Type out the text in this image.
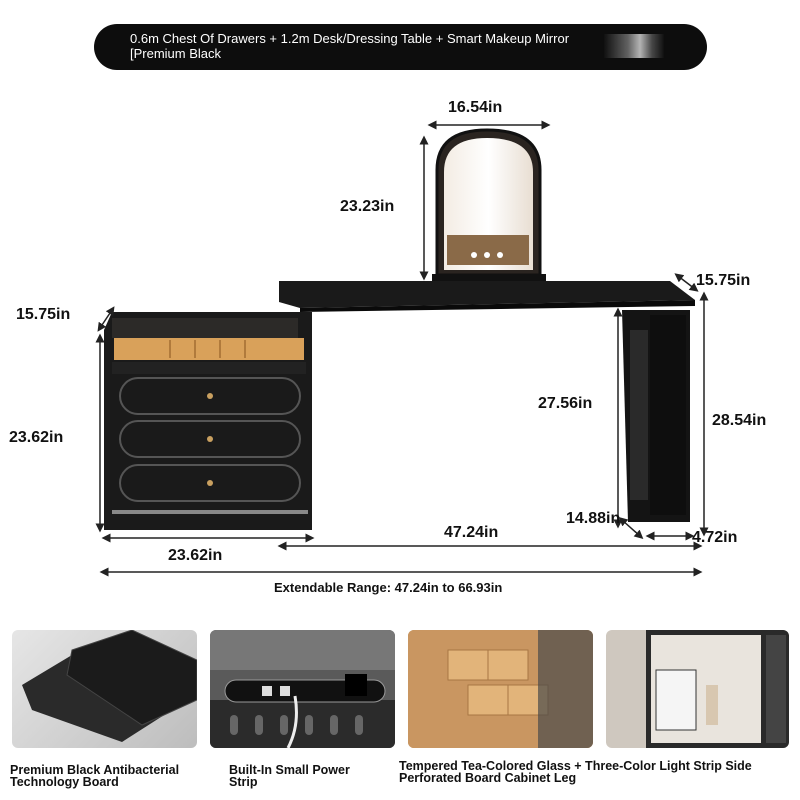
0.6m Chest Of Drawers + 1.2m Desk/Dressing Table + Smart Makeup Mirror [Premium Black
16.54in
23.23in
15.75in
15.75in
23.62in
23.62in
27.56in
28.54in
14.88in
4.72in
47.24in
Extendable Range: 47.24in to 66.93in
Premium Black Antibacterial Technology Board
Built-In Small Power Strip
Tempered Tea-Colored Glass + Three-Color Light Strip Side Perforated Board Cabinet Leg
